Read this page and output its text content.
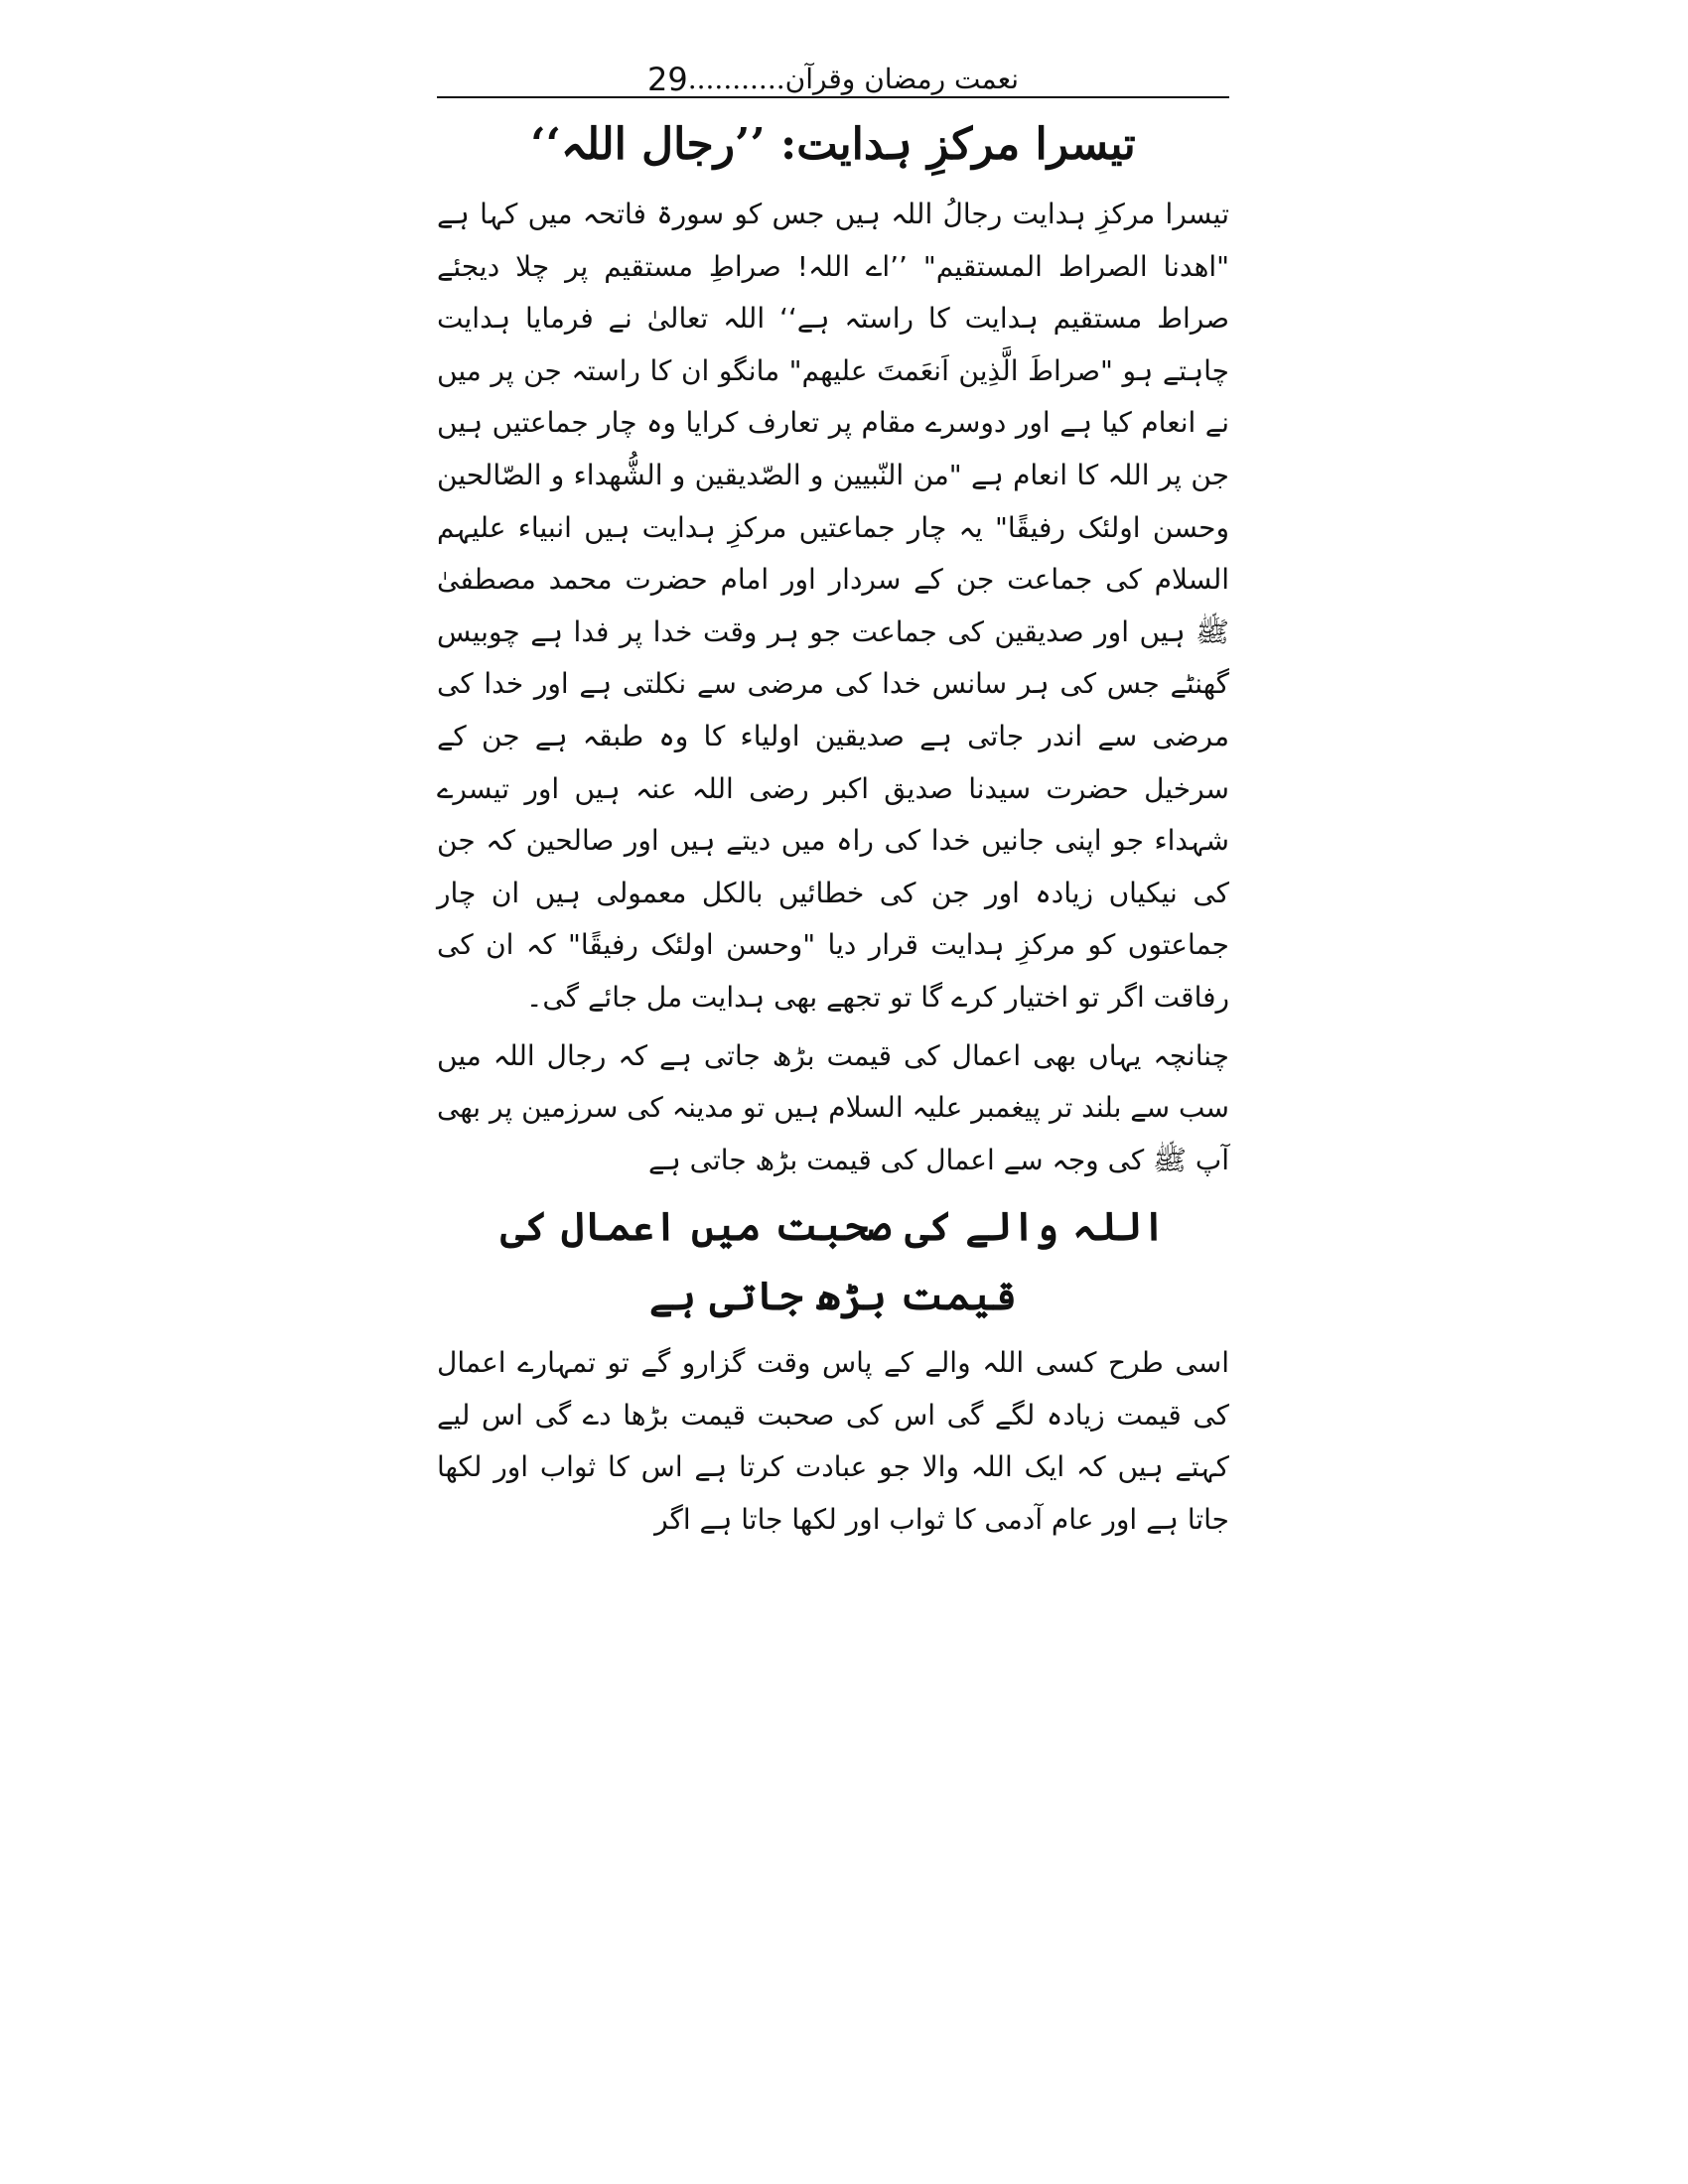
نعمت رمضان وقرآن
...........
29
تیسرا مرکزِ ہدایت: ’’رجال اللہ‘‘

تیسرا مرکزِ ہدایت رجالُ اللہ ہیں جس کو سورۃ فاتحہ میں کہا ہے "اھدنا الصراط المستقیم" ’’اے اللہ! صراطِ مستقیم پر چلا دیجئے صراط مستقیم ہدایت کا راستہ ہے‘‘ اللہ تعالیٰ نے فرمایا ہدایت چاہتے ہو "صراطَ الَّذِین اَنعَمتَ علیھم" مانگو ان کا راستہ جن پر میں نے انعام کیا ہے اور دوسرے مقام پر تعارف کرایا وہ چار جماعتیں ہیں جن پر اللہ کا انعام ہے "من النّبیین و الصّدیقین و الشُّھداء و الصّالحین وحسن اولئک رفیقًا" یہ چار جماعتیں مرکزِ ہدایت ہیں انبیاء علیہم السلام کی جماعت جن کے سردار اور امام حضرت محمد مصطفیٰ ﷺ ہیں اور صدیقین کی جماعت جو ہر وقت خدا پر فدا ہے چوبیس گھنٹے جس کی ہر سانس خدا کی مرضی سے نکلتی ہے اور خدا کی مرضی سے اندر جاتی ہے صدیقین اولیاء کا وہ طبقہ ہے جن کے سرخیل حضرت سیدنا صدیق اکبر رضی اللہ عنہ ہیں اور تیسرے شہداء جو اپنی جانیں خدا کی راہ میں دیتے ہیں اور صالحین کہ جن کی نیکیاں زیادہ اور جن کی خطائیں بالکل معمولی ہیں ان چار جماعتوں کو مرکزِ ہدایت قرار دیا "وحسن اولئک رفیقًا" کہ ان کی رفاقت اگر تو اختیار کرے گا تو تجھے بھی ہدایت مل جائے گی۔

چنانچہ یہاں بھی اعمال کی قیمت بڑھ جاتی ہے کہ رجال اللہ میں سب سے بلند تر پیغمبر علیہ السلام ہیں تو مدینہ کی سرزمین پر بھی آپ ﷺ کی وجہ سے اعمال کی قیمت بڑھ جاتی ہے

اللہ والے کی صحبت میں اعمال کی قیمت بڑھ جاتی ہے

اسی طرح کسی اللہ والے کے پاس وقت گزارو گے تو تمہارے اعمال کی قیمت زیادہ لگے گی اس کی صحبت قیمت بڑھا دے گی اس لیے کہتے ہیں کہ ایک اللہ والا جو عبادت کرتا ہے اس کا ثواب اور لکھا جاتا ہے اور عام آدمی کا ثواب اور لکھا جاتا ہے اگر
